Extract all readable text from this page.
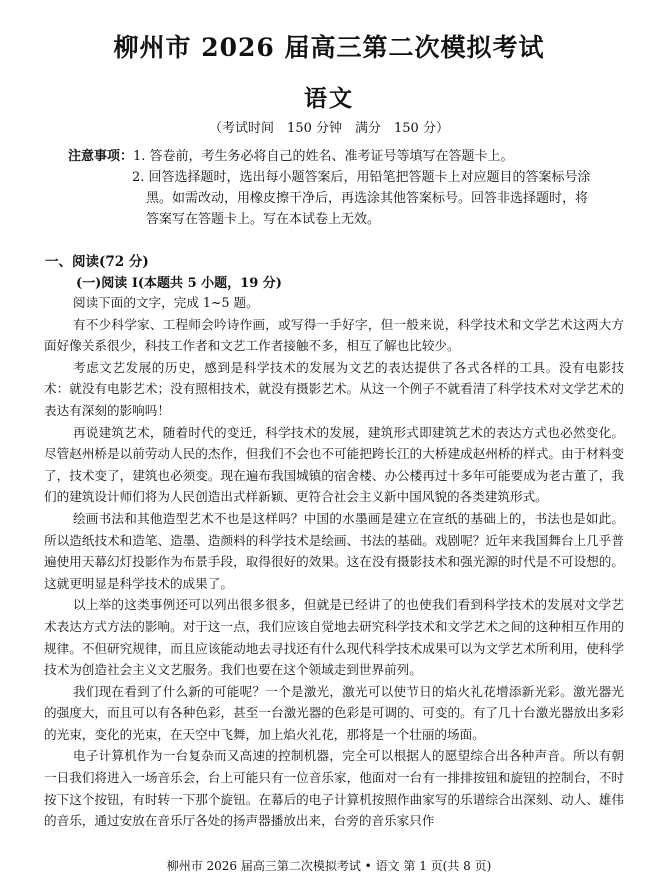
柳州市 2026 届高三第二次模拟考试
语文
（考试时间　150 分钟　满分　150 分）
注意事项：1. 答卷前，考生务必将自己的姓名、准考证号等填写在答题卡上。
2. 回答选择题时，选出每小题答案后，用铅笔把答题卡上对应题目的答案标号涂
黑。如需改动，用橡皮擦干净后，再选涂其他答案标号。回答非选择题时，将
答案写在答题卡上。写在本试卷上无效。
一、阅读(72 分)
(一)阅读 I(本题共 5 小题，19 分)

阅读下面的文字，完成 1~5 题。

有不少科学家、工程师会吟诗作画，或写得一手好字，但一般来说，科学技术和文学艺术这两大方面好像关系很少，科技工作者和文艺工作者接触不多，相互了解也比较少。

考虑文艺发展的历史，感到是科学技术的发展为文艺的表达提供了各式各样的工具。没有电影技术：就没有电影艺术；没有照相技术，就没有摄影艺术。从这一个例子不就看清了科学技术对文学艺术的表达有深刻的影响吗！

再说建筑艺术，随着时代的变迁，科学技术的发展，建筑形式即建筑艺术的表达方式也必然变化。尽管赵州桥是以前劳动人民的杰作，但我们不会也不可能把跨长江的大桥建成赵州桥的样式。由于材料变了，技术变了，建筑也必须变。现在遍布我国城镇的宿舍楼、办公楼再过十多年可能要成为老古董了，我们的建筑设计师们将为人民创造出式样新颖、更符合社会主义新中国风貌的各类建筑形式。

绘画书法和其他造型艺术不也是这样吗？中国的水墨画是建立在宣纸的基础上的，书法也是如此。所以造纸技术和造笔、造墨、造颜料的科学技术是绘画、书法的基础。戏剧呢？近年来我国舞台上几乎普遍使用天幕幻灯投影作为布景手段，取得很好的效果。这在没有摄影技术和强光源的时代是不可设想的。这就更明显是科学技术的成果了。

以上举的这类事例还可以列出很多很多，但就是已经讲了的也使我们看到科学技术的发展对文学艺术表达方式方法的影响。对于这一点，我们应该自觉地去研究科学技术和文学艺术之间的这种相互作用的规律。不但研究规律，而且应该能动地去寻找还有什么现代科学技术成果可以为文学艺术所利用，使科学技术为创造社会主义文艺服务。我们也要在这个领域走到世界前列。

我们现在看到了什么新的可能呢？一个是激光，激光可以使节日的焰火礼花增添新光彩。激光器光的强度大，而且可以有各种色彩，甚至一台激光器的色彩是可调的、可变的。有了几十台激光器放出多彩的光束，变化的光束，在天空中飞舞，加上焰火礼花，那将是一个壮丽的场面。

电子计算机作为一台复杂而又高速的控制机器，完全可以根据人的愿望综合出各种声音。所以有朝一日我们将进入一场音乐会，台上可能只有一位音乐家，他面对一台有一排排按钮和旋钮的控制台，不时按下这个按钮，有时转一下那个旋钮。在幕后的电子计算机按照作曲家写的乐谱综合出深刻、动人、雄伟的音乐，通过安放在音乐厅各处的扬声器播放出来，台旁的音乐家只作

柳州市 2026 届高三第二次模拟考试 • 语文 第 1 页(共 8 页)
